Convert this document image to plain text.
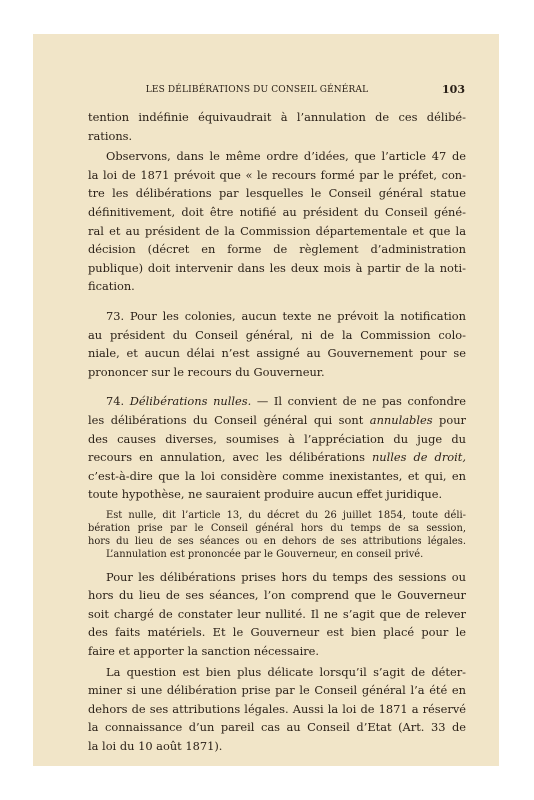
LES DÉLIBÉRATIONS DU CONSEIL GÉNÉRAL	103

tention indéfinie équivaudrait à l’annulation de ces délibé-

rations.

Observons, dans le même ordre d’idées, que l’article 47 de

la loi de 1871 prévoit que « le recours formé par le préfet, con-

tre les délibérations par lesquelles le Conseil général statue

définitivement, doit être notifié au président du Conseil géné-

ral et au président de la Commission départementale et que la

décision (décret en forme de règlement d’administration

publique) doit intervenir dans les deux mois à partir de la noti-

fication.

73. Pour les colonies, aucun texte ne prévoit la notification

au président du Conseil général, ni de la Commission colo-

niale, et aucun délai n’est assigné au Gouvernement pour se

prononcer sur le recours du Gouverneur.

74. Délibérations nulles. — Il convient de ne pas confondre

les délibérations du Conseil général qui sont annulables pour

des causes diverses, soumises à l’appréciation du juge du

recours en annulation, avec les délibérations nulles de droit,

c’est-à-dire que la loi considère comme inexistantes, et qui, en

toute hypothèse, ne sauraient produire aucun effet juridique.

Est nulle, dit l’article 13, du décret du 26 juillet 1854, toute déli-

bération prise par le Conseil général hors du temps de sa session,

hors du lieu de ses séances ou en dehors de ses attributions légales.

L’annulation est prononcée par le Gouverneur, en conseil privé.

Pour les délibérations prises hors du temps des sessions ou

hors du lieu de ses séances, l’on comprend que le Gouverneur

soit chargé de constater leur nullité. Il ne s’agit que de relever

des faits matériels. Et le Gouverneur est bien placé pour le

faire et apporter la sanction nécessaire.

La question est bien plus délicate lorsqu’il s’agit de déter-

miner si une délibération prise par le Conseil général l’a été en

dehors de ses attributions légales. Aussi la loi de 1871 a réservé

la connaissance d’un pareil cas au Conseil d’Etat (Art. 33 de

la loi du 10 août 1871).
